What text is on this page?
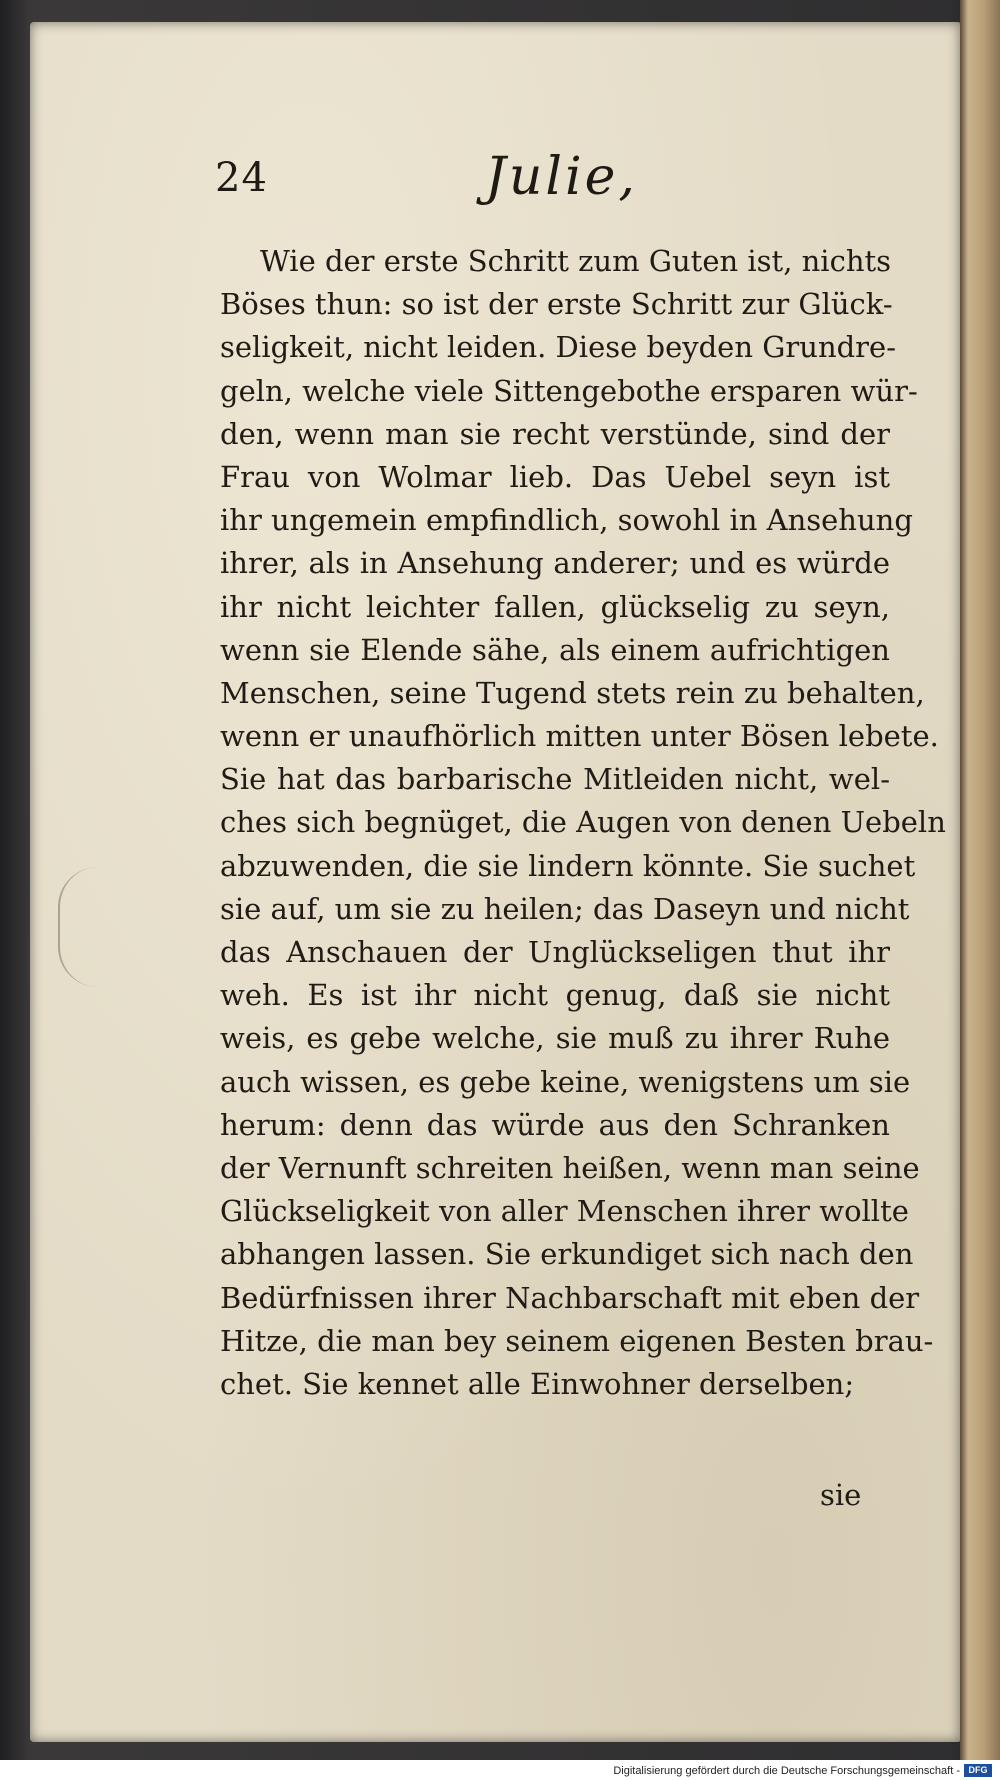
24	Julie,
Wie der erste Schritt zum Guten ist, nichts
Böses thun: so ist der erste Schritt zur Glück-
seligkeit, nicht leiden. Diese beyden Grundre-
geln, welche viele Sittengebothe ersparen wür-
den, wenn man sie recht verstünde, sind der
Frau von Wolmar lieb. Das Uebel seyn ist
ihr ungemein empfindlich, sowohl in Ansehung
ihrer, als in Ansehung anderer; und es würde
ihr nicht leichter fallen, glückselig zu seyn,
wenn sie Elende sähe, als einem aufrichtigen
Menschen, seine Tugend stets rein zu behalten,
wenn er unaufhörlich mitten unter Bösen lebete.
Sie hat das barbarische Mitleiden nicht, wel-
ches sich begnüget, die Augen von denen Uebeln
abzuwenden, die sie lindern könnte. Sie suchet
sie auf, um sie zu heilen; das Daseyn und nicht
das Anschauen der Unglückseligen thut ihr
weh. Es ist ihr nicht genug, daß sie nicht
weis, es gebe welche, sie muß zu ihrer Ruhe
auch wissen, es gebe keine, wenigstens um sie
herum: denn das würde aus den Schranken
der Vernunft schreiten heißen, wenn man seine
Glückseligkeit von aller Menschen ihrer wollte
abhangen lassen. Sie erkundiget sich nach den
Bedürfnissen ihrer Nachbarschaft mit eben der
Hitze, die man bey seinem eigenen Besten brau-
chet. Sie kennet alle Einwohner derselben;
sie
Digitalisierung gefördert durch die Deutsche Forschungsgemeinschaft - DFG
